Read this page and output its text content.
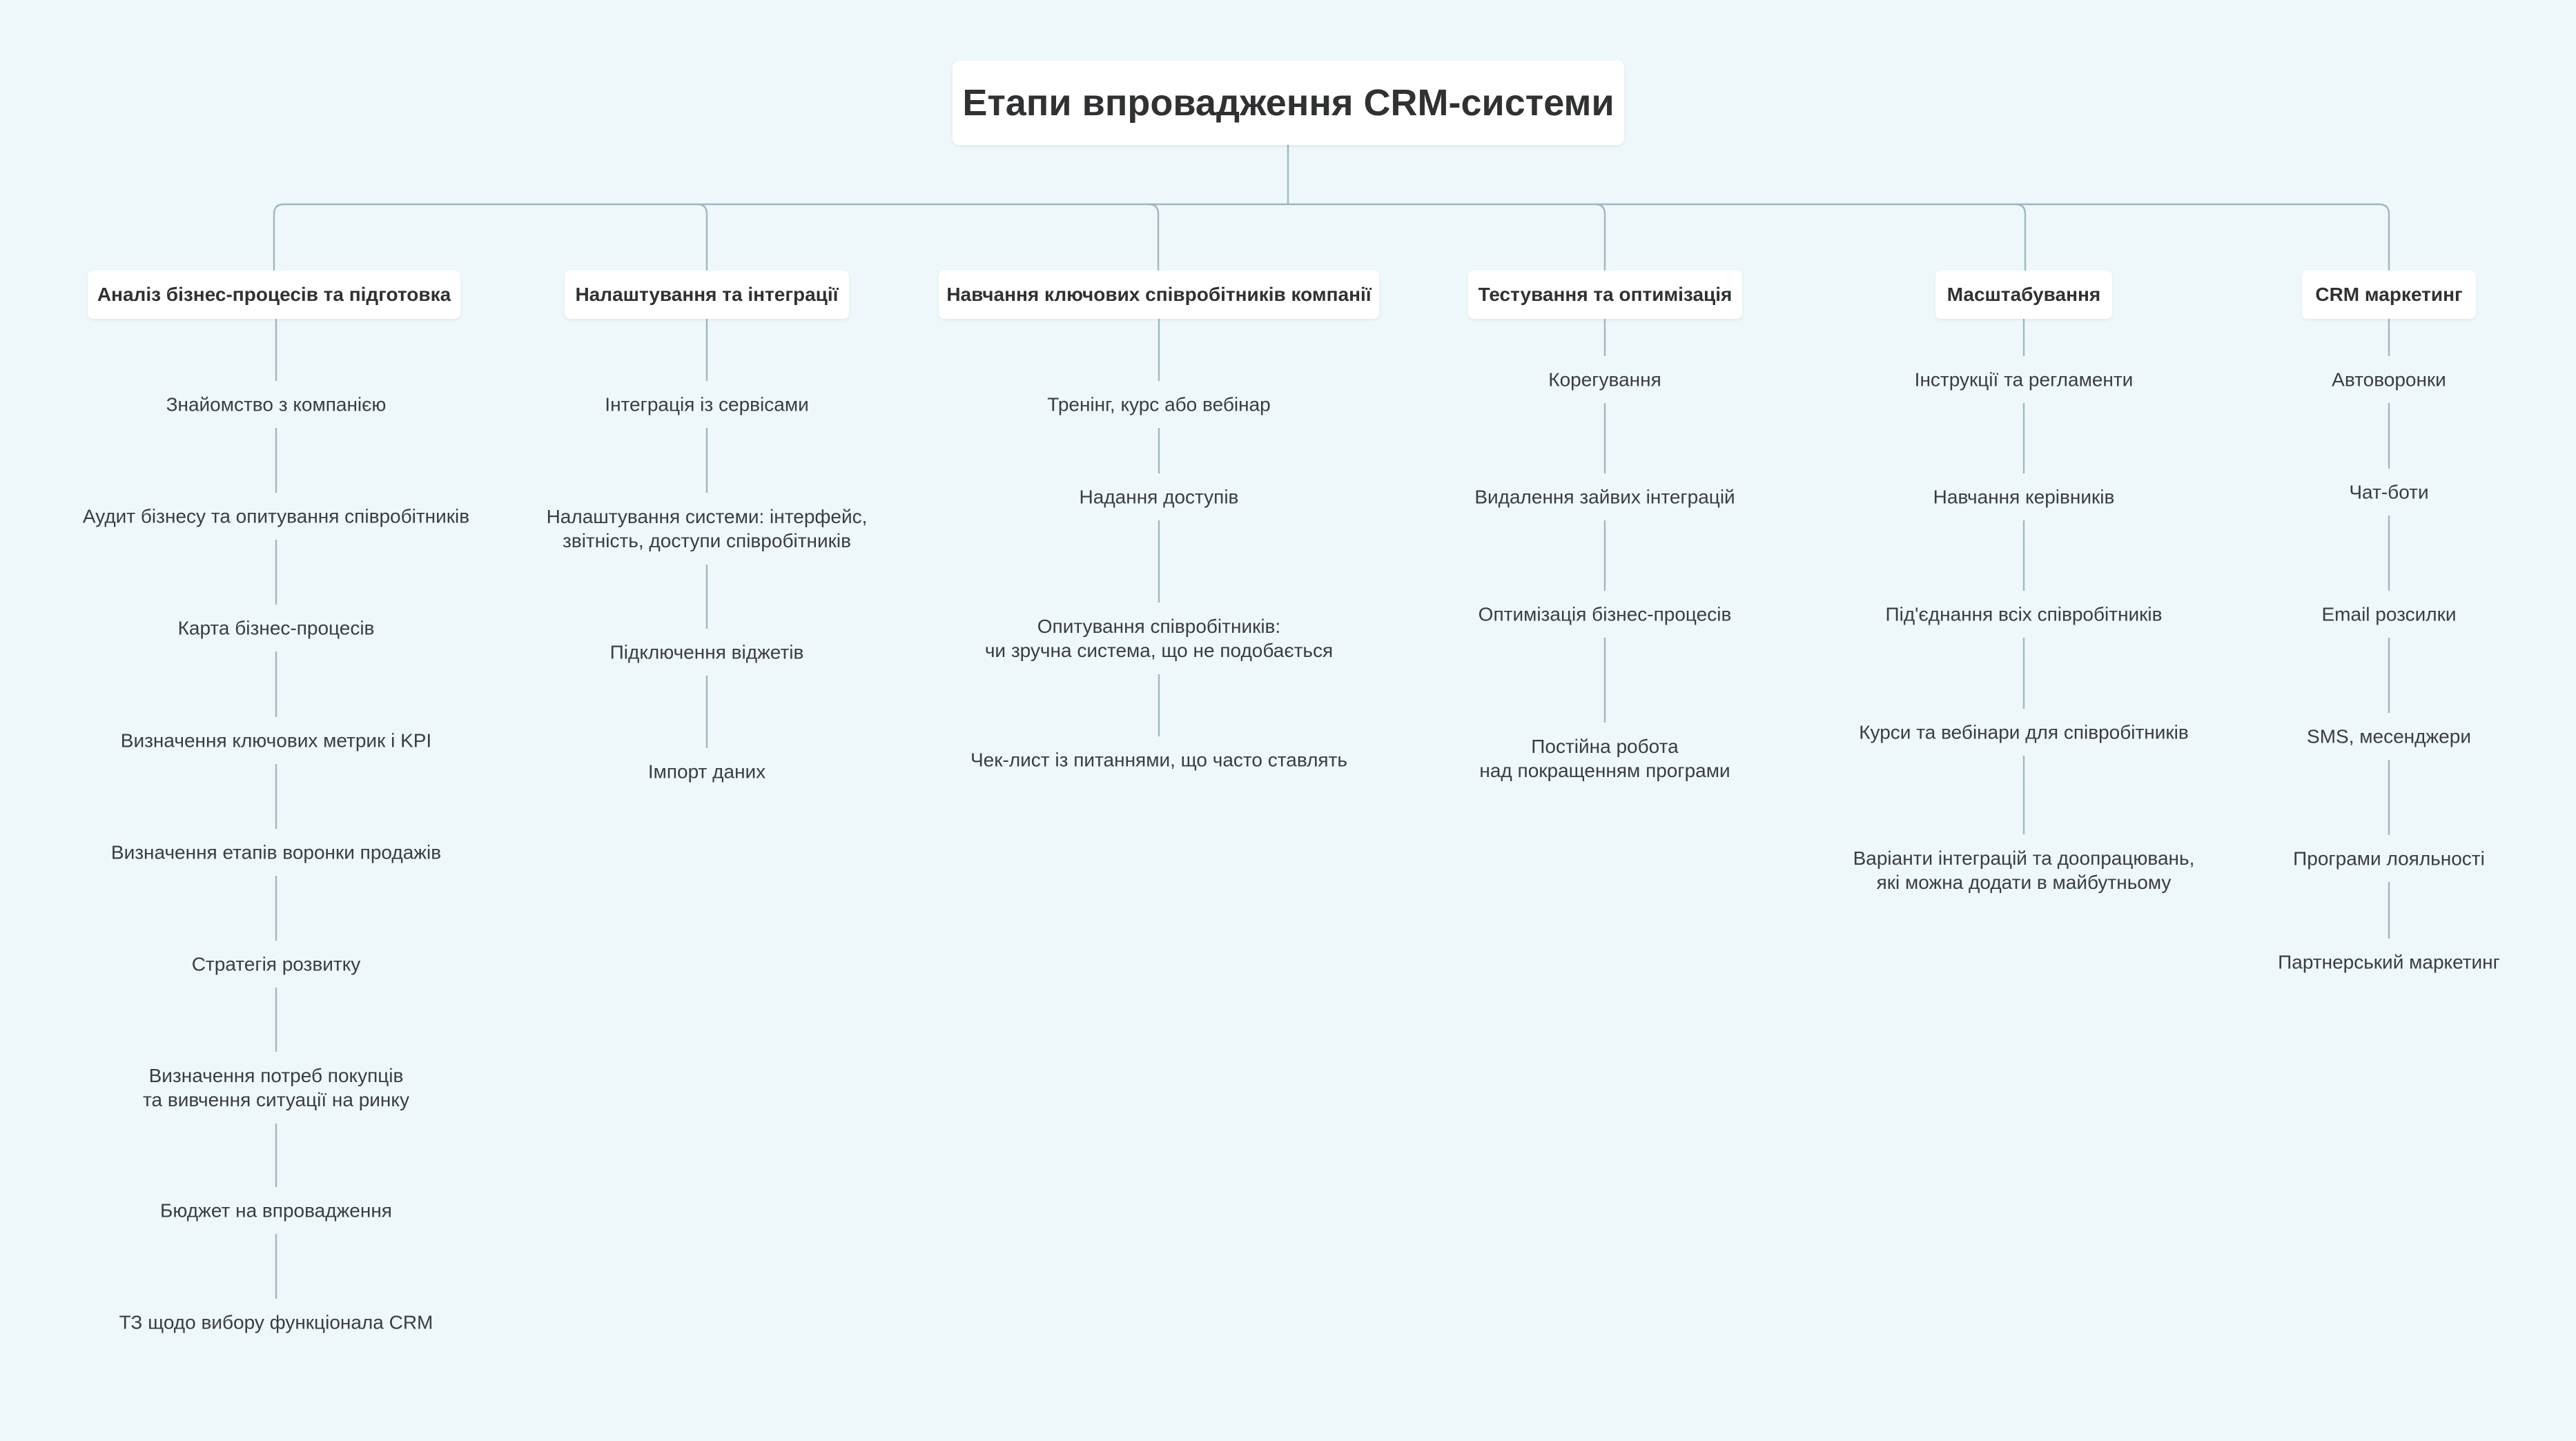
Етапи впровадження CRM-системи
Аналіз бізнес-процесів та підготовка	Налаштування та інтеграції	Навчання ключових співробітників компанії	Тестування та оптимізація	Масштабування	CRM маркетинг
Знайомство з компанією
Аудит бізнесу та опитування співробітників
Карта бізнес-процесів
Визначення ключових метрик і KPI
Визначення етапів воронки продажів
Стратегія розвитку
Визначення потреб покупців
та вивчення ситуації на ринку
Бюджет на впровадження
ТЗ щодо вибору функціонала CRM
Інтеграція із сервісами
Налаштування системи: інтерфейс,
звітність, доступи співробітників
Підключення віджетів
Імпорт даних
Тренінг, курс або вебінар
Надання доступів
Опитування співробітників:
чи зручна система, що не подобається
Чек-лист із питаннями, що часто ставлять
Корегування
Видалення зайвих інтеграцій
Оптимізація бізнес-процесів
Постійна робота
над покращенням програми
Інструкції та регламенти
Навчання керівників
Під'єднання всіх співробітників
Курси та вебінари для співробітників
Варіанти інтеграцій та доопрацювань,
які можна додати в майбутньому
Автоворонки
Чат-боти
Email розсилки
SMS, месенджери
Програми лояльності
Партнерський маркетинг
